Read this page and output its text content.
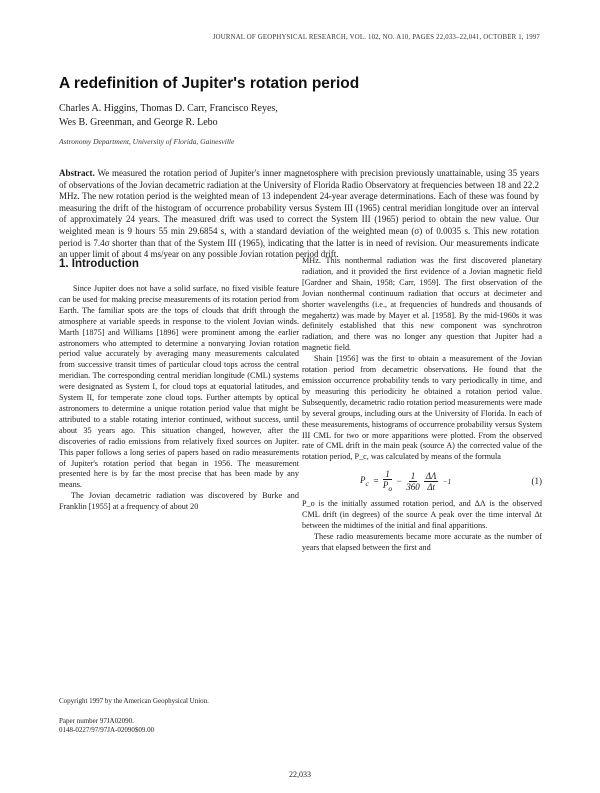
JOURNAL OF GEOPHYSICAL RESEARCH, VOL. 102, NO. A10, PAGES 22,033–22,041, OCTOBER 1, 1997
A redefinition of Jupiter's rotation period
Charles A. Higgins, Thomas D. Carr, Francisco Reyes,
Wes B. Greenman, and George R. Lebo
Astronomy Department, University of Florida, Gainesville

Abstract. We measured the rotation period of Jupiter's inner magnetosphere with precision previously unattainable, using 35 years of observations of the Jovian decametric radiation at the University of Florida Radio Observatory at frequencies between 18 and 22.2 MHz. The new rotation period is the weighted mean of 13 independent 24-year average determinations. Each of these was found by measuring the drift of the histogram of occurrence probability versus System III (1965) central meridian longitude over an interval of approximately 24 years. The measured drift was used to correct the System III (1965) period to obtain the new value. Our weighted mean is 9 hours 55 min 29.6854 s, with a standard deviation of the weighted mean (σ) of 0.0035 s. This new rotation period is 7.4σ shorter than that of the System III (1965), indicating that the latter is in need of revision. Our measurements indicate an upper limit of about 4 ms/year on any possible Jovian rotation period drift.

1. Introduction

Since Jupiter does not have a solid surface, no fixed visible feature can be used for making precise measurements of its rotation period from Earth. The familiar spots are the tops of clouds that drift through the atmosphere at variable speeds in response to the violent Jovian winds. Marth [1875] and Williams [1896] were prominent among the earlier astronomers who attempted to determine a nonvarying Jovian rotation period value accurately by averaging many measurements calculated from successive transit times of particular cloud tops across the central meridian. The corresponding central meridian longitude (CML) systems were designated as System I, for cloud tops at equatorial latitudes, and System II, for temperate zone cloud tops. Further attempts by optical astronomers to determine a unique rotation period value that might be attributed to a stable rotating interior continued, without success, until about 35 years ago. This situation changed, however, after the discoveries of radio emissions from relatively fixed sources on Jupiter. This paper follows a long series of papers based on radio measurements of Jupiter's rotation period that began in 1956. The measurement presented here is by far the most precise that has been made by any means.

The Jovian decametric radiation was discovered by Burke and Franklin [1955] at a frequency of about 20

MHz. This nonthermal radiation was the first discovered planetary radiation, and it provided the first evidence of a Jovian magnetic field [Gardner and Shain, 1958; Carr, 1959]. The first observation of the Jovian nonthermal continuum radiation that occurs at decimeter and shorter wavelengths (i.e., at frequencies of hundreds and thousands of megahertz) was made by Mayer et al. [1958]. By the mid-1960s it was definitely established that this new component was synchrotron radiation, and there was no longer any question that Jupiter had a magnetic field.

Shain [1956] was the first to obtain a measurement of the Jovian rotation period from decametric observations. He found that the emission occurrence probability tends to vary periodically in time, and by measuring this periodicity he obtained a rotation period value. Subsequently, decametric radio rotation period measurements were made by several groups, including ours at the University of Florida. In each of these measurements, histograms of occurrence probability versus System III CML for two or more apparitions were plotted. From the observed rate of CML drift in the main peak (source A) the corrected value of the rotation period, P_c, was calculated by means of the formula

$P_c = \frac{1}{P_o} - \frac{1}{360} \frac{\Delta\Lambda}{\Delta t} -1$	(1)

P_o is the initially assumed rotation period, and ΔΛ is the observed CML drift (in degrees) of the source A peak over the time interval Δt between the midtimes of the initial and final apparitions.

These radio measurements became more accurate as the number of years that elapsed between the first and

Copyright 1997 by the American Geophysical Union.
Paper number 97JA02090.
0148-0227/97/97JA-02090$09.00
22,033
